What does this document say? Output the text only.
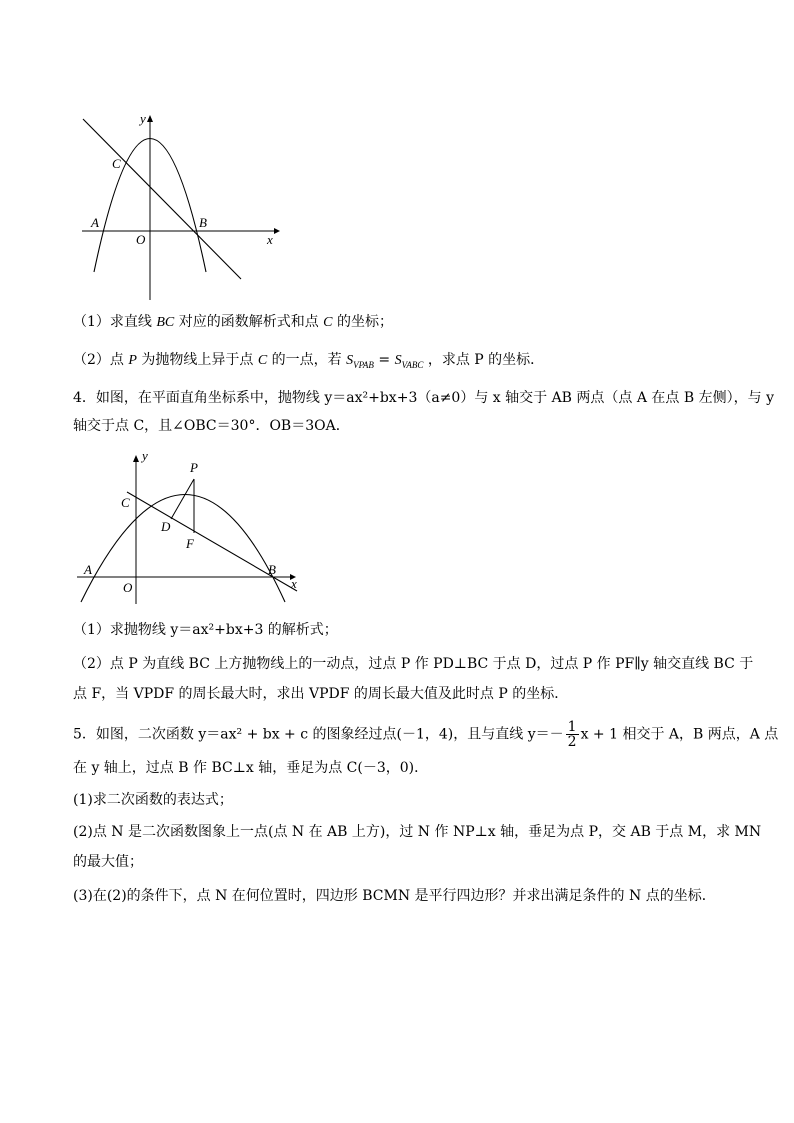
y
C
A
O
B
x
（1）求直线 BC 对应的函数解析式和点 C 的坐标；
（2）点 P 为抛物线上异于点 C 的一点，若 $S_{VPAB} = S_{VABC}$ ，求点 P 的坐标．
4．如图，在平面直角坐标系中，抛物线 y＝ax²+bx+3（a≠0）与 x 轴交于 AB 两点（点 A 在点 B 左侧），与 y
轴交于点 C，且∠OBC＝30°．OB＝3OA．
y
P
C
D
F
A
O
B
x
（1）求抛物线 y＝ax²+bx+3 的解析式；
（2）点 P 为直线 BC 上方抛物线上的一动点，过点 P 作 PD⊥BC 于点 D，过点 P 作 PF∥y 轴交直线 BC 于
点 F，当 VPDF 的周长最大时，求出 VPDF 的周长最大值及此时点 P 的坐标．
5．如图，二次函数 y＝ax² + bx + c 的图象经过点(－1，4)，且与直线 $y=- \frac{1}{2}$ x + 1 相交于 A，B 两点，A 点
在 y 轴上，过点 B 作 BC⊥x 轴，垂足为点 C(－3，0)．
(1)求二次函数的表达式；
(2)点 N 是二次函数图象上一点(点 N 在 AB 上方)，过 N 作 NP⊥x 轴，垂足为点 P，交 AB 于点 M，求 MN
的最大值；
(3)在(2)的条件下，点 N 在何位置时，四边形 BCMN 是平行四边形？并求出满足条件的 N 点的坐标．
